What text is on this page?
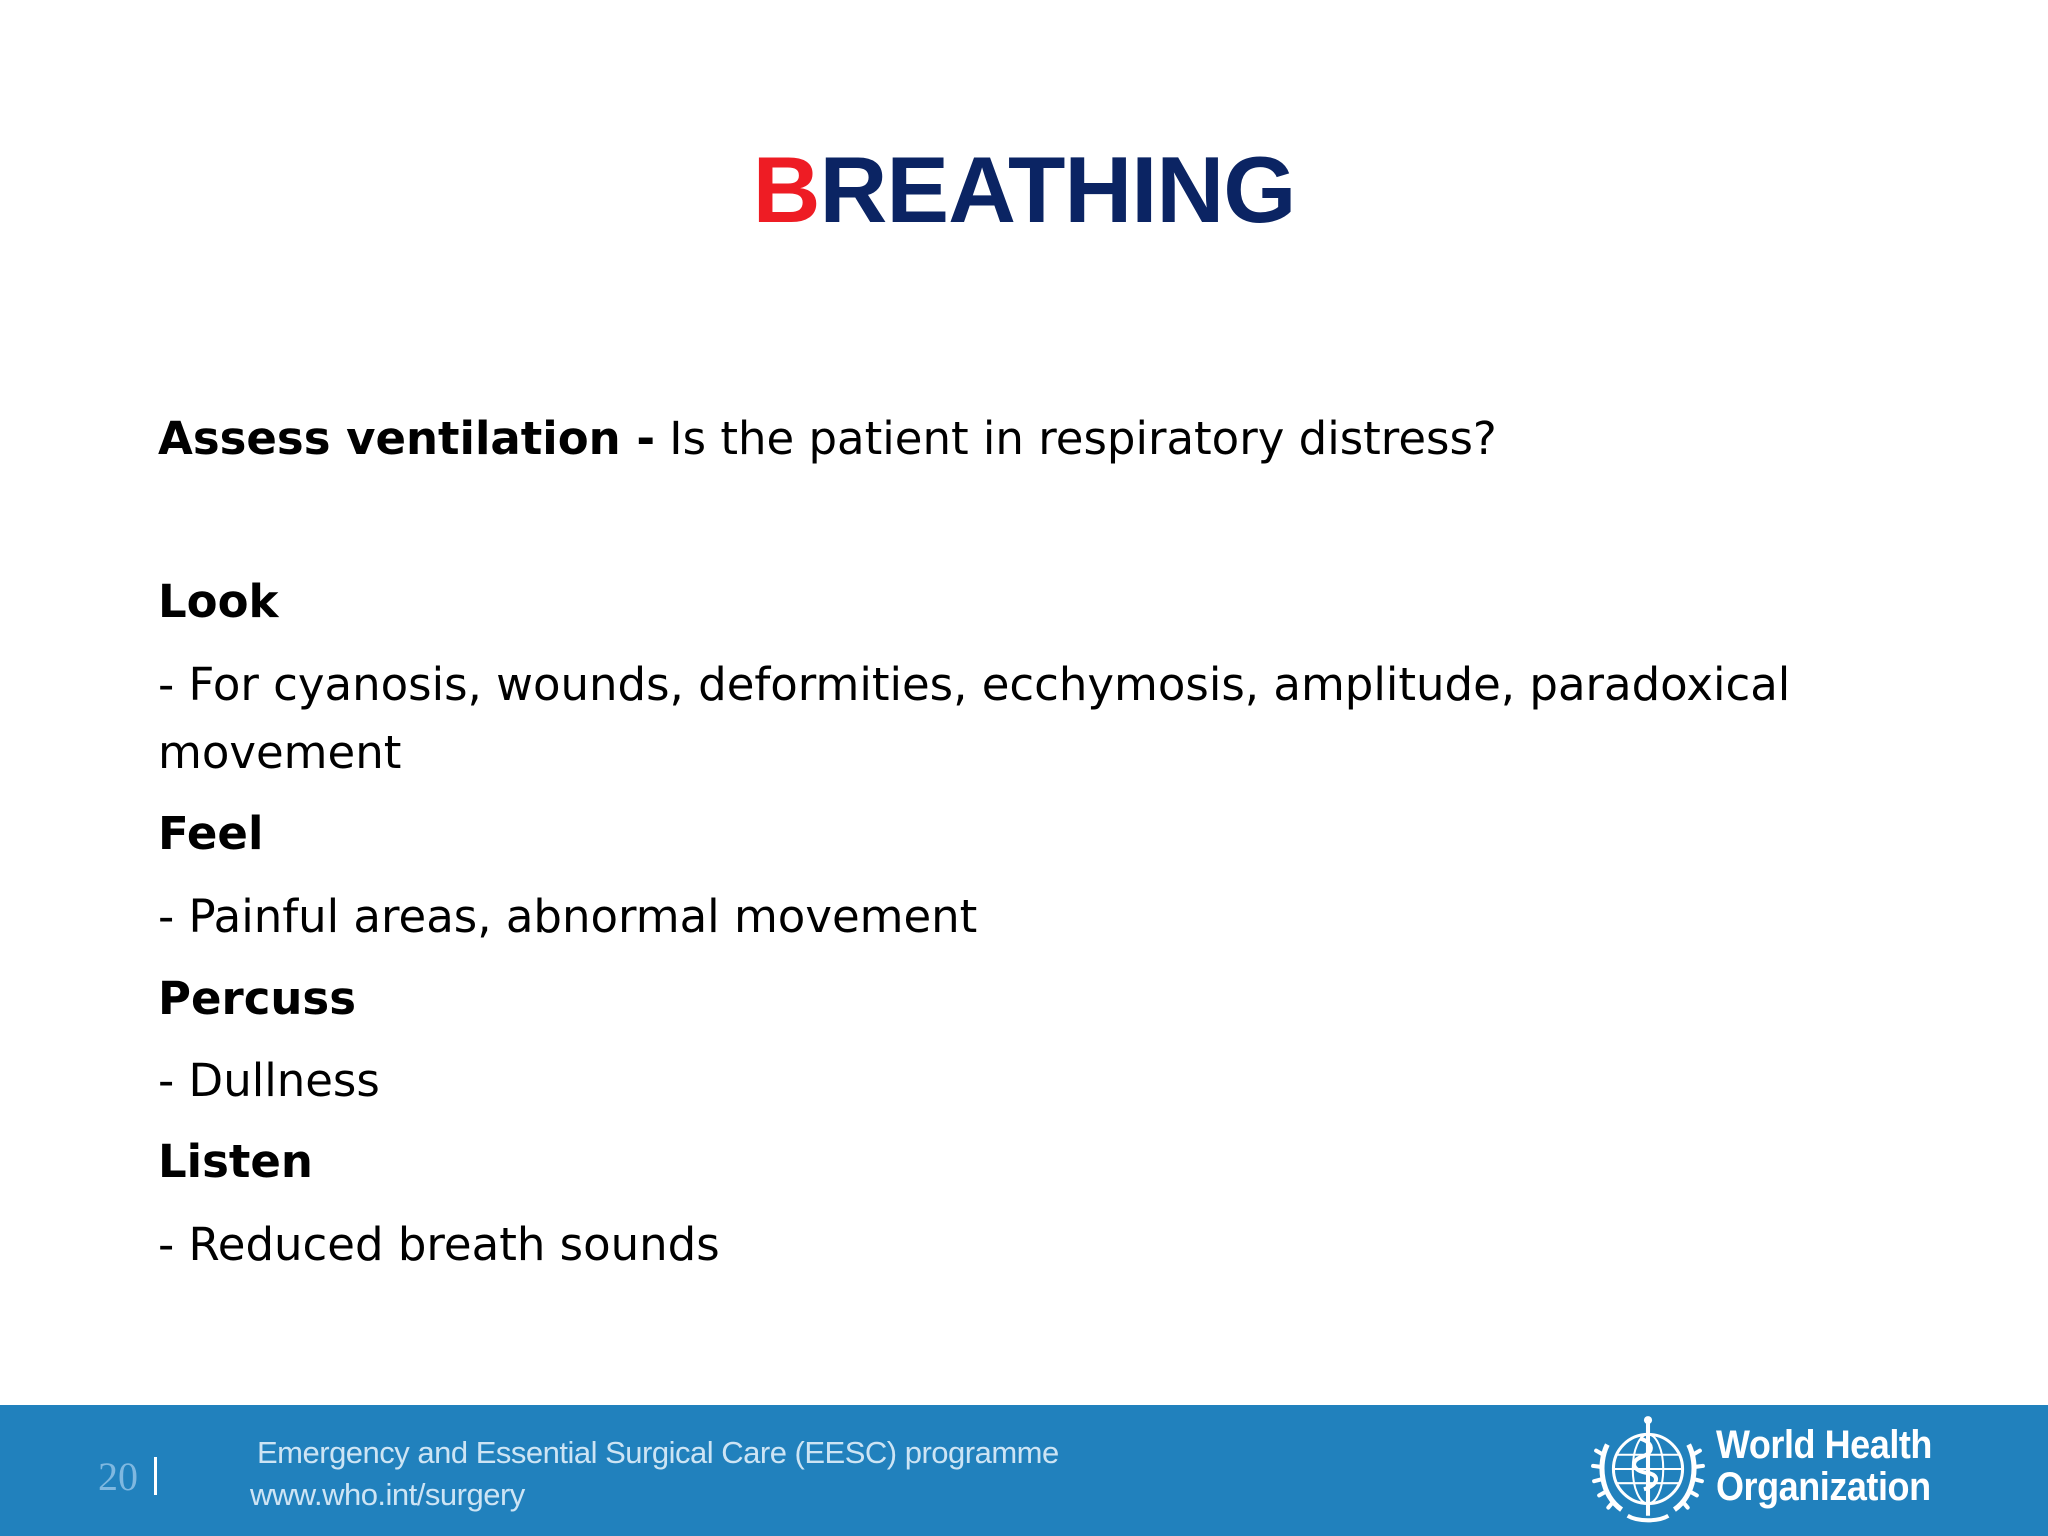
BREATHING
Assess ventilation - Is the patient in respiratory distress?
Look
- For cyanosis, wounds, deformities, ecchymosis, amplitude, paradoxical movement
Feel
- Painful areas, abnormal movement
Percuss
- Dullness
Listen
- Reduced breath sounds
20
Emergency and Essential Surgical Care (EESC) programme
www.who.int/surgery
World Health
Organization
